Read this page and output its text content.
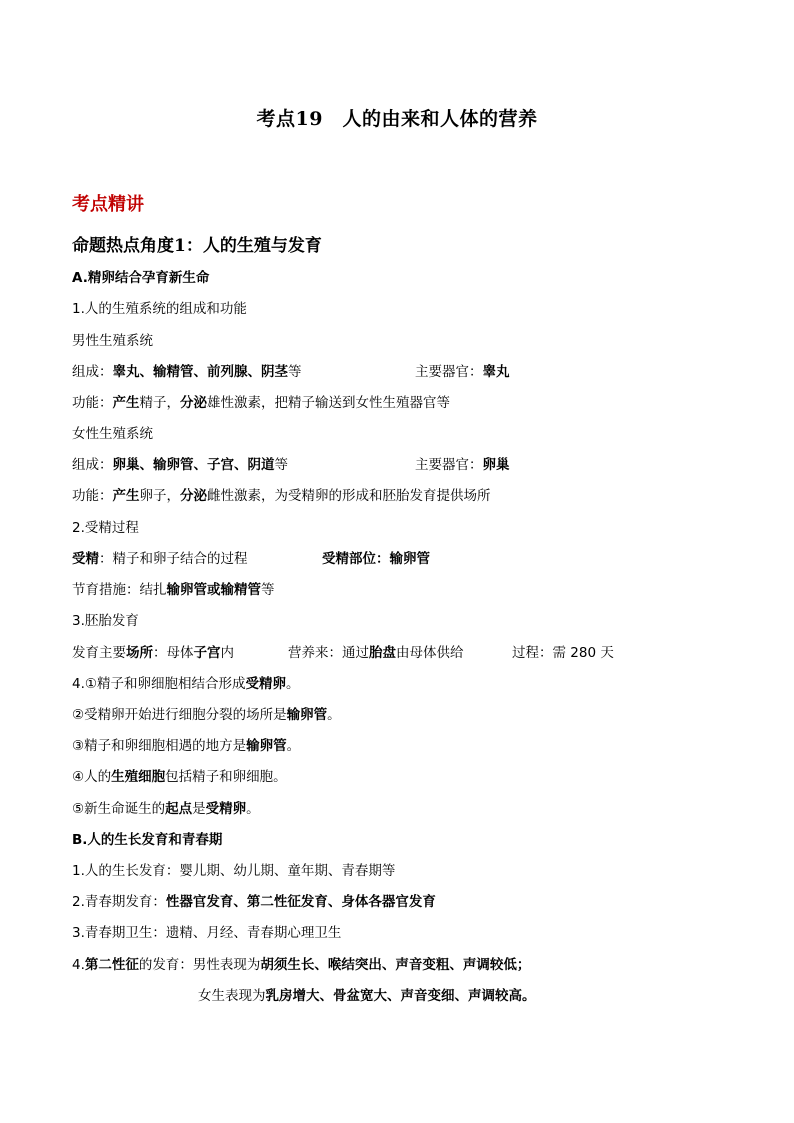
考点19　人的由来和人体的营养
考点精讲
命题热点角度1：人的生殖与发育
A.精卵结合孕育新生命
1.人的生殖系统的组成和功能
男性生殖系统
组成：睾丸、输精管、前列腺、阴茎等	主要器官：睾丸
功能：产生精子，分泌雄性激素，把精子输送到女性生殖器官等
女性生殖系统
组成：卵巢、输卵管、子宫、阴道等	主要器官：卵巢
功能：产生卵子，分泌雌性激素，为受精卵的形成和胚胎发育提供场所
2.受精过程
受精：精子和卵子结合的过程	受精部位：输卵管
节育措施：结扎输卵管或输精管等
3.胚胎发育
发育主要场所：母体子宫内	营养来：通过胎盘由母体供给	过程：需 280 天
4.①精子和卵细胞相结合形成受精卵。
②受精卵开始进行细胞分裂的场所是输卵管。
③精子和卵细胞相遇的地方是输卵管。
④人的生殖细胞包括精子和卵细胞。
⑤新生命诞生的起点是受精卵。
B.人的生长发育和青春期
1.人的生长发育：婴儿期、幼儿期、童年期、青春期等
2.青春期发育：性器官发育、第二性征发育、身体各器官发育
3.青春期卫生：遗精、月经、青春期心理卫生
4.第二性征的发育：男性表现为胡须生长、喉结突出、声音变粗、声调较低；
女生表现为乳房增大、骨盆宽大、声音变细、声调较高。
